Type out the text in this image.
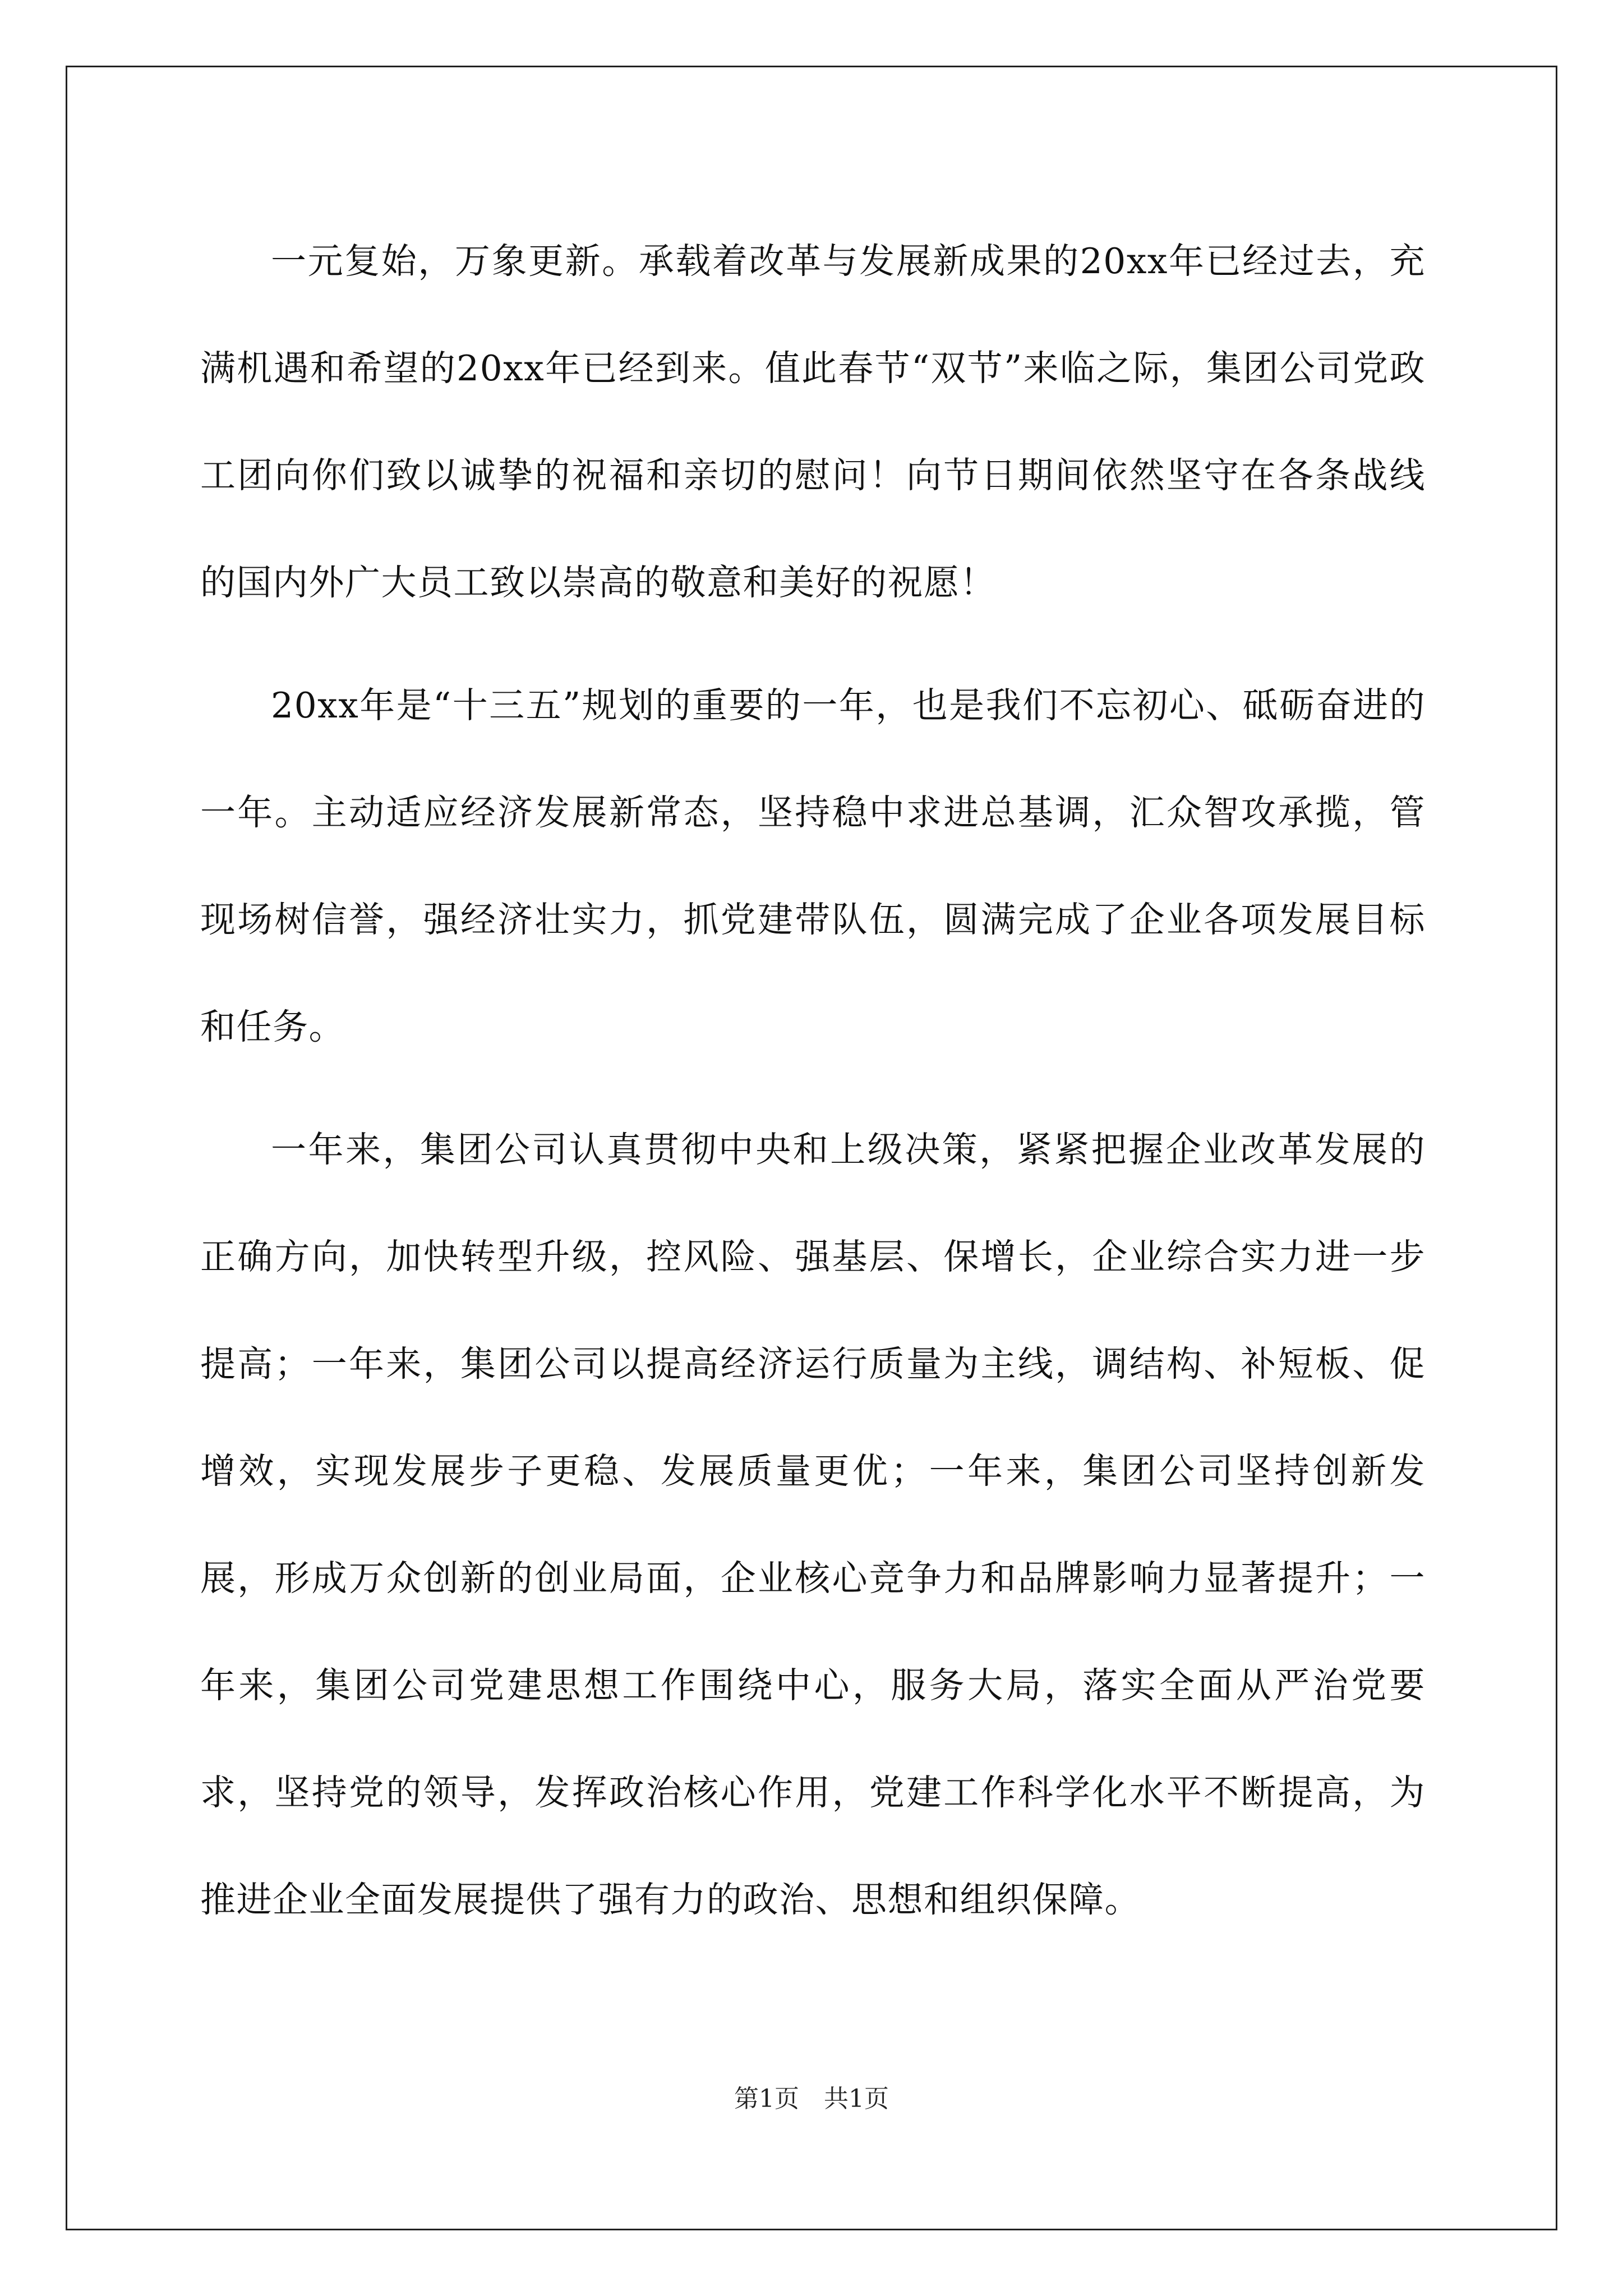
一元复始，万象更新。承载着改革与发展新成果的20xx年已经过去，充满机遇和希望的20xx年已经到来。值此春节“双节”来临之际，集团公司党政工团向你们致以诚挚的祝福和亲切的慰问！向节日期间依然坚守在各条战线的国内外广大员工致以崇高的敬意和美好的祝愿！

20xx年是“十三五”规划的重要的一年，也是我们不忘初心、砥砺奋进的一年。主动适应经济发展新常态，坚持稳中求进总基调，汇众智攻承揽，管现场树信誉，强经济壮实力，抓党建带队伍，圆满完成了企业各项发展目标和任务。

一年来，集团公司认真贯彻中央和上级决策，紧紧把握企业改革发展的正确方向，加快转型升级，控风险、强基层、保增长，企业综合实力进一步提高；一年来，集团公司以提高经济运行质量为主线，调结构、补短板、促增效，实现发展步子更稳、发展质量更优；一年来，集团公司坚持创新发展，形成万众创新的创业局面，企业核心竞争力和品牌影响力显著提升；一年来，集团公司党建思想工作围绕中心，服务大局，落实全面从严治党要求，坚持党的领导，发挥政治核心作用，党建工作科学化水平不断提高，为推进企业全面发展提供了强有力的政治、思想和组织保障。

第1页　共1页
